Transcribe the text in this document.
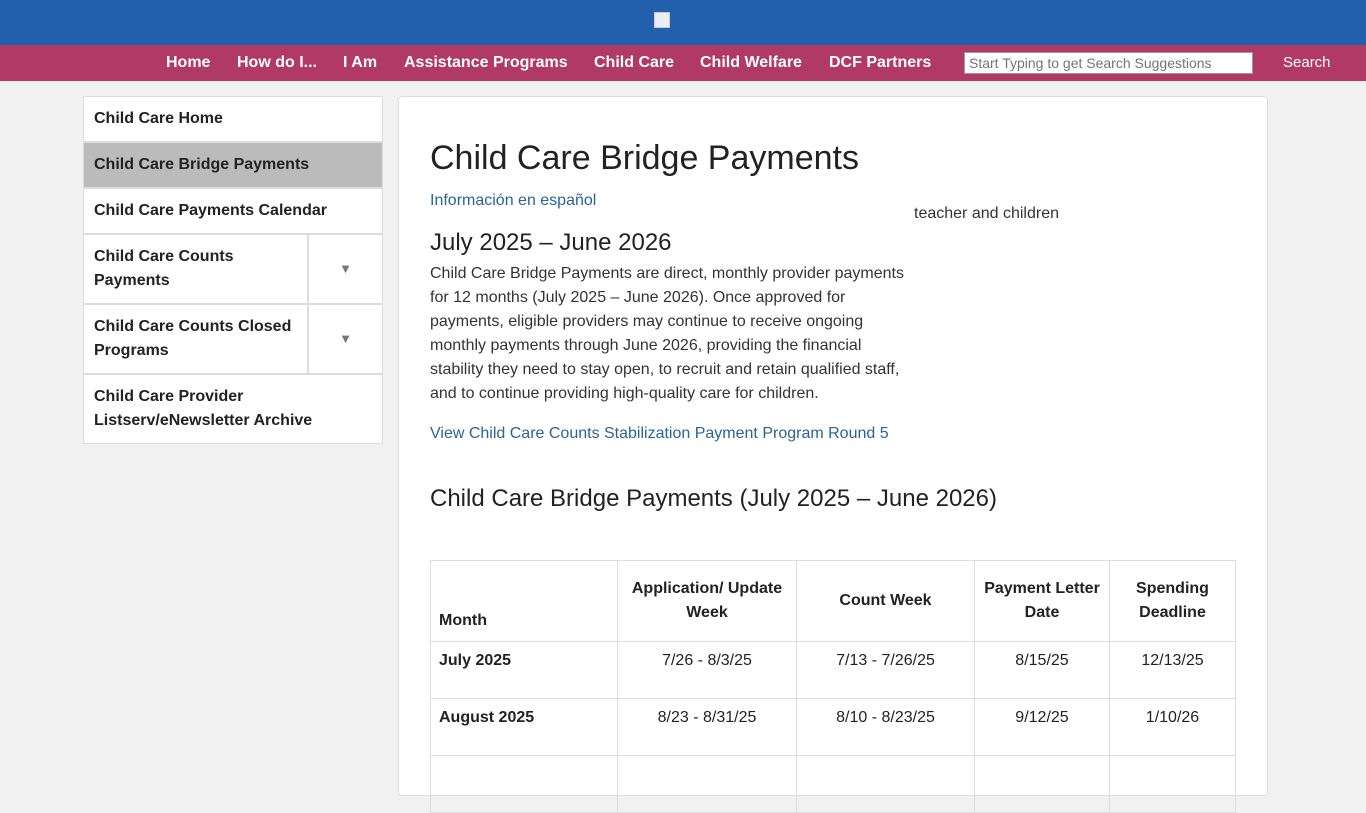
Home How do I... I Am Assistance Programs Child Care Child Welfare DCF Partners
Start Typing to get Search Suggestions	Search
Child Care Home
Child Care Bridge Payments
Child Care Payments Calendar
Child Care Counts Payments
▼
Child Care Counts Closed Programs
▼
Child Care Provider Listserv/eNewsletter Archive
Child Care Bridge Payments
Información en español
July 2025 – June 2026

Child Care Bridge Payments are direct, monthly provider payments for 12 months (July 2025 – June 2026). Once approved for payments, eligible providers may continue to receive ongoing monthly payments through June 2026, providing the financial stability they need to stay open, to recruit and retain qualified staff, and to continue providing high-quality care for children.

teacher and children
View Child Care Counts Stabilization Payment Program Round 5
Child Care Bridge Payments (July 2025 – June 2026)
Month	Application/ Update Week	Count Week	Payment Letter Date	Spending Deadline
July 2025	7/26 - 8/3/25	7/13 - 7/26/25	8/15/25	12/13/25
August 2025	8/23 - 8/31/25	8/10 - 8/23/25	9/12/25	1/10/26
